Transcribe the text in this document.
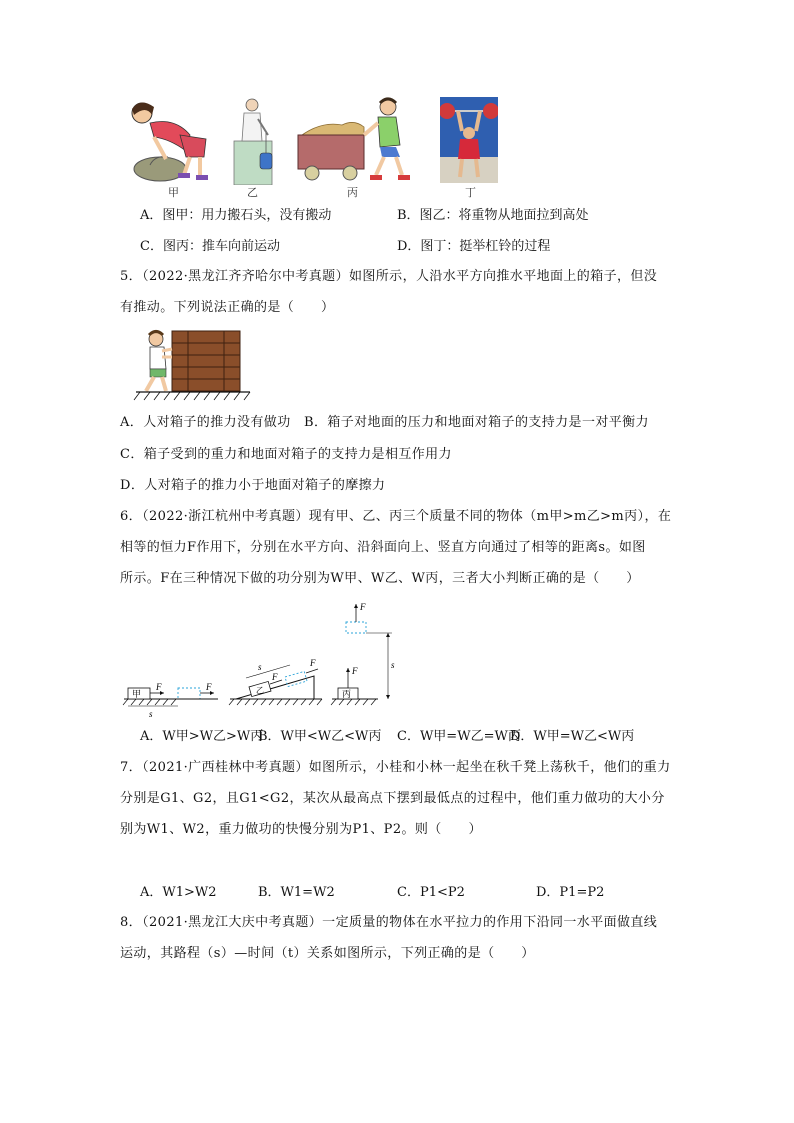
甲	乙	丙	丁
A．图甲：用力搬石头，没有搬动	B．图乙：将重物从地面拉到高处
C．图丙：推车向前运动	D．图丁：挺举杠铃的过程
5．（2022·黑龙江齐齐哈尔中考真题）如图所示，人沿水平方向推水平地面上的箱子，但没
有推动。下列说法正确的是（　　）
A．人对箱子的推力没有做功　B．箱子对地面的压力和地面对箱子的支持力是一对平衡力
C．箱子受到的重力和地面对箱子的支持力是相互作用力
D．人对箱子的推力小于地面对箱子的摩擦力
6．（2022·浙江杭州中考真题）现有甲、乙、丙三个质量不同的物体（m甲>m乙>m丙），在
相等的恒力F作用下，分别在水平方向、沿斜面向上、竖直方向通过了相等的距离s。如图
所示。F在三种情况下做的功分别为W甲、W乙、W丙，三者大小判断正确的是（　　）
甲
F
s
F	乙
F
F
s
丙
F
F
s
A．W甲>W乙>W丙
B．W甲<W乙<W丙 C．W甲=W乙=W丙
D．W甲=W乙<W丙
7．（2021·广西桂林中考真题）如图所示，小桂和小林一起坐在秋千凳上荡秋千，他们的重力
分别是G1、G2，且G1<G2，某次从最高点下摆到最低点的过程中，他们重力做功的大小分
别为W1、W2，重力做功的快慢分别为P1、P2。则（　　）
A．W1>W2	B．W1=W2	C．P1<P2	D．P1=P2
8．（2021·黑龙江大庆中考真题）一定质量的物体在水平拉力的作用下沿同一水平面做直线
运动，其路程（s）—时间（t）关系如图所示，下列正确的是（　　）
